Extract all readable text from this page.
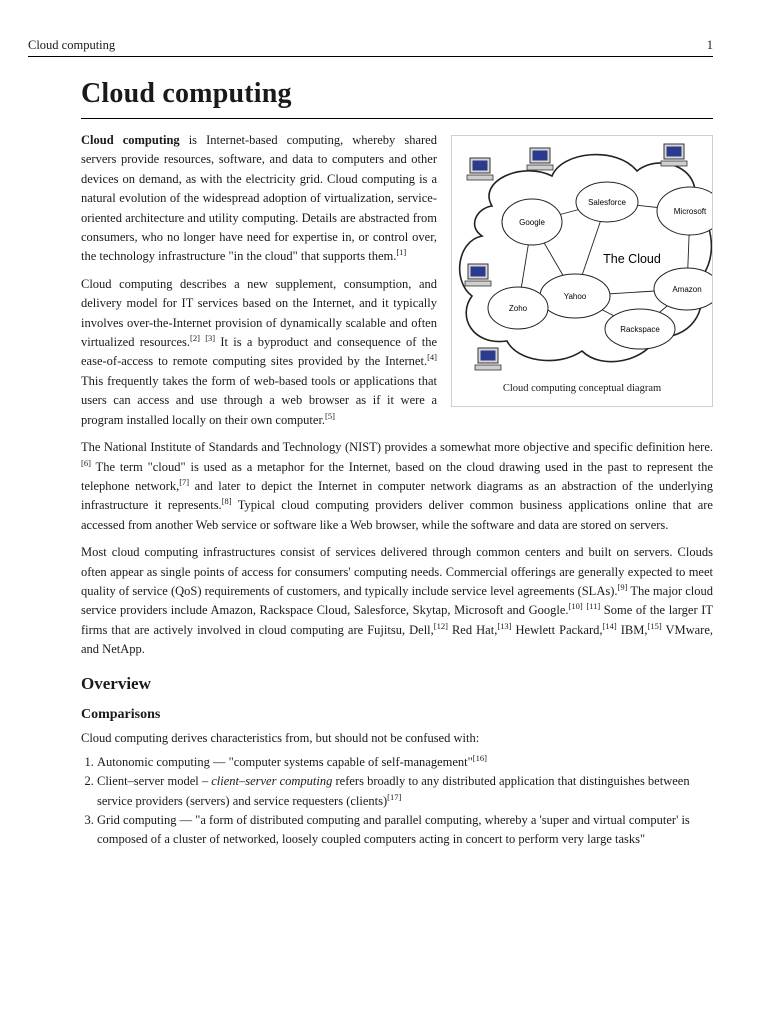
Cloud computing	1
Cloud computing
Salesforce
Microsoft
Google
Amazon
Yahoo
Zoho
Rackspace
The Cloud
Cloud computing conceptual diagram

Cloud computing is Internet-based computing, whereby shared servers provide resources, software, and data to computers and other devices on demand, as with the electricity grid. Cloud computing is a natural evolution of the widespread adoption of virtualization, service-oriented architecture and utility computing. Details are abstracted from consumers, who no longer have need for expertise in, or control over, the technology infrastructure "in the cloud" that supports them.[1]

Cloud computing describes a new supplement, consumption, and delivery model for IT services based on the Internet, and it typically involves over-the-Internet provision of dynamically scalable and often virtualized resources.[2] [3] It is a byproduct and consequence of the ease-of-access to remote computing sites provided by the Internet.[4] This frequently takes the form of web-based tools or applications that users can access and use through a web browser as if it were a program installed locally on their own computer.[5]

The National Institute of Standards and Technology (NIST) provides a somewhat more objective and specific definition here.[6] The term "cloud" is used as a metaphor for the Internet, based on the cloud drawing used in the past to represent the telephone network,[7] and later to depict the Internet in computer network diagrams as an abstraction of the underlying infrastructure it represents.[8] Typical cloud computing providers deliver common business applications online that are accessed from another Web service or software like a Web browser, while the software and data are stored on servers.

Most cloud computing infrastructures consist of services delivered through common centers and built on servers. Clouds often appear as single points of access for consumers' computing needs. Commercial offerings are generally expected to meet quality of service (QoS) requirements of customers, and typically include service level agreements (SLAs).[9] The major cloud service providers include Amazon, Rackspace Cloud, Salesforce, Skytap, Microsoft and Google.[10] [11] Some of the larger IT firms that are actively involved in cloud computing are Fujitsu, Dell,[12] Red Hat,[13] Hewlett Packard,[14] IBM,[15] VMware, and NetApp.

Overview
Comparisons

Cloud computing derives characteristics from, but should not be confused with:

1. Autonomic computing — "computer systems capable of self-management"[16]
2. Client–server model – client–server computing refers broadly to any distributed application that distinguishes between service providers (servers) and service requesters (clients)[17]
3. Grid computing — "a form of distributed computing and parallel computing, whereby a 'super and virtual computer' is composed of a cluster of networked, loosely coupled computers acting in concert to perform very large tasks"
